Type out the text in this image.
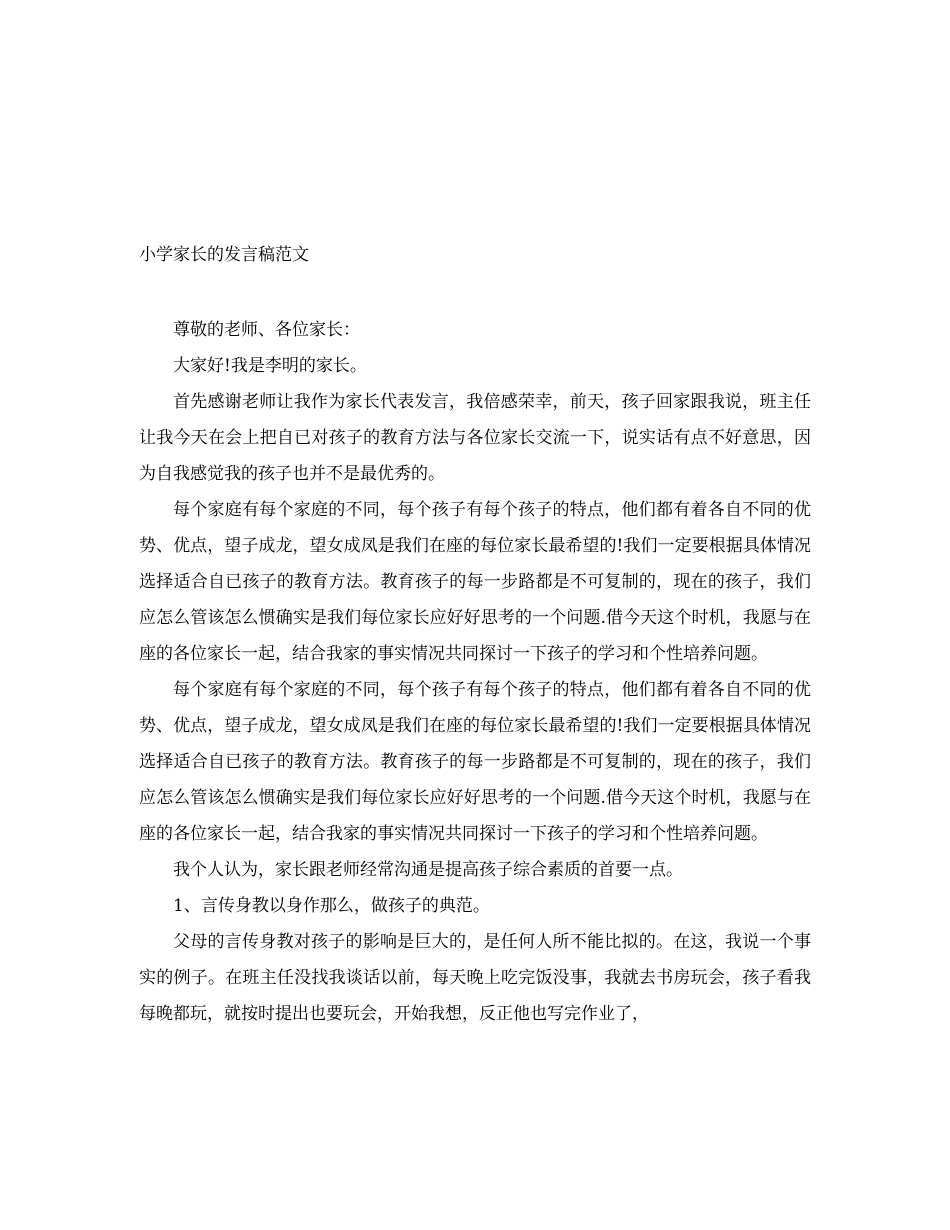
小学家长的发言稿范文

尊敬的老师、各位家长：

大家好!我是李明的家长。

首先感谢老师让我作为家长代表发言，我倍感荣幸，前天，孩子回家跟我说，班主任让我今天在会上把自已对孩子的教育方法与各位家长交流一下，说实话有点不好意思，因为自我感觉我的孩子也并不是最优秀的。

每个家庭有每个家庭的不同，每个孩子有每个孩子的特点，他们都有着各自不同的优势、优点，望子成龙，望女成凤是我们在座的每位家长最希望的!我们一定要根据具体情况选择适合自已孩子的教育方法。教育孩子的每一步路都是不可复制的，现在的孩子，我们应怎么管该怎么惯确实是我们每位家长应好好思考的一个问题.借今天这个时机，我愿与在座的各位家长一起，结合我家的事实情况共同探讨一下孩子的学习和个性培养问题。

每个家庭有每个家庭的不同，每个孩子有每个孩子的特点，他们都有着各自不同的优势、优点，望子成龙，望女成凤是我们在座的每位家长最希望的!我们一定要根据具体情况选择适合自已孩子的教育方法。教育孩子的每一步路都是不可复制的，现在的孩子，我们应怎么管该怎么惯确实是我们每位家长应好好思考的一个问题.借今天这个时机，我愿与在座的各位家长一起，结合我家的事实情况共同探讨一下孩子的学习和个性培养问题。

我个人认为，家长跟老师经常沟通是提高孩子综合素质的首要一点。

1、言传身教以身作那么，做孩子的典范。

父母的言传身教对孩子的影响是巨大的，是任何人所不能比拟的。在这，我说一个事实的例子。在班主任没找我谈话以前，每天晚上吃完饭没事，我就去书房玩会，孩子看我每晚都玩，就按时提出也要玩会，开始我想，反正他也写完作业了，
